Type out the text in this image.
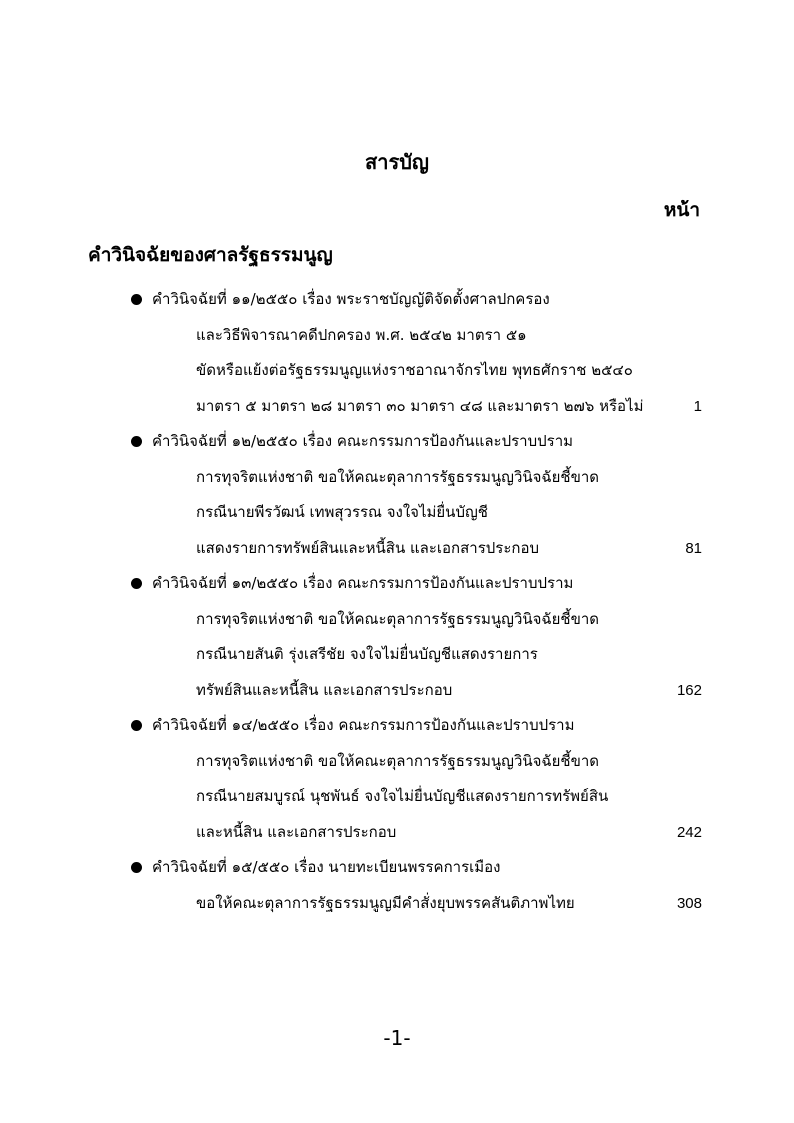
สารบัญ
หน้า
คำวินิจฉัยของศาลรัฐธรรมนูญ
คำวินิจฉัยที่ ๑๑/๒๕๕๐ เรื่อง พระราชบัญญัติจัดตั้งศาลปกครอง
และวิธีพิจารณาคดีปกครอง พ.ศ. ๒๕๔๒ มาตรา ๕๑
ขัดหรือแย้งต่อรัฐธรรมนูญแห่งราชอาณาจักรไทย พุทธศักราช ๒๕๔๐
มาตรา ๕ มาตรา ๒๘ มาตรา ๓๐ มาตรา ๔๘ และมาตรา ๒๗๖ หรือไม่	1
คำวินิจฉัยที่ ๑๒/๒๕๕๐ เรื่อง คณะกรรมการป้องกันและปราบปราม
การทุจริตแห่งชาติ ขอให้คณะตุลาการรัฐธรรมนูญวินิจฉัยชี้ขาด
กรณีนายพีรวัฒน์ เทพสุวรรณ จงใจไม่ยื่นบัญชี
แสดงรายการทรัพย์สินและหนี้สิน และเอกสารประกอบ	81
คำวินิจฉัยที่ ๑๓/๒๕๕๐ เรื่อง คณะกรรมการป้องกันและปราบปราม
การทุจริตแห่งชาติ ขอให้คณะตุลาการรัฐธรรมนูญวินิจฉัยชี้ขาด
กรณีนายสันติ รุ่งเสรีชัย จงใจไม่ยื่นบัญชีแสดงรายการ
ทรัพย์สินและหนี้สิน และเอกสารประกอบ	162
คำวินิจฉัยที่ ๑๔/๒๕๕๐ เรื่อง คณะกรรมการป้องกันและปราบปราม
การทุจริตแห่งชาติ ขอให้คณะตุลาการรัฐธรรมนูญวินิจฉัยชี้ขาด
กรณีนายสมบูรณ์ นุชพันธ์ จงใจไม่ยื่นบัญชีแสดงรายการทรัพย์สิน
และหนี้สิน และเอกสารประกอบ	242
คำวินิจฉัยที่ ๑๕/๕๕๐ เรื่อง นายทะเบียนพรรคการเมือง
ขอให้คณะตุลาการรัฐธรรมนูญมีคำสั่งยุบพรรคสันติภาพไทย	308
-1-
